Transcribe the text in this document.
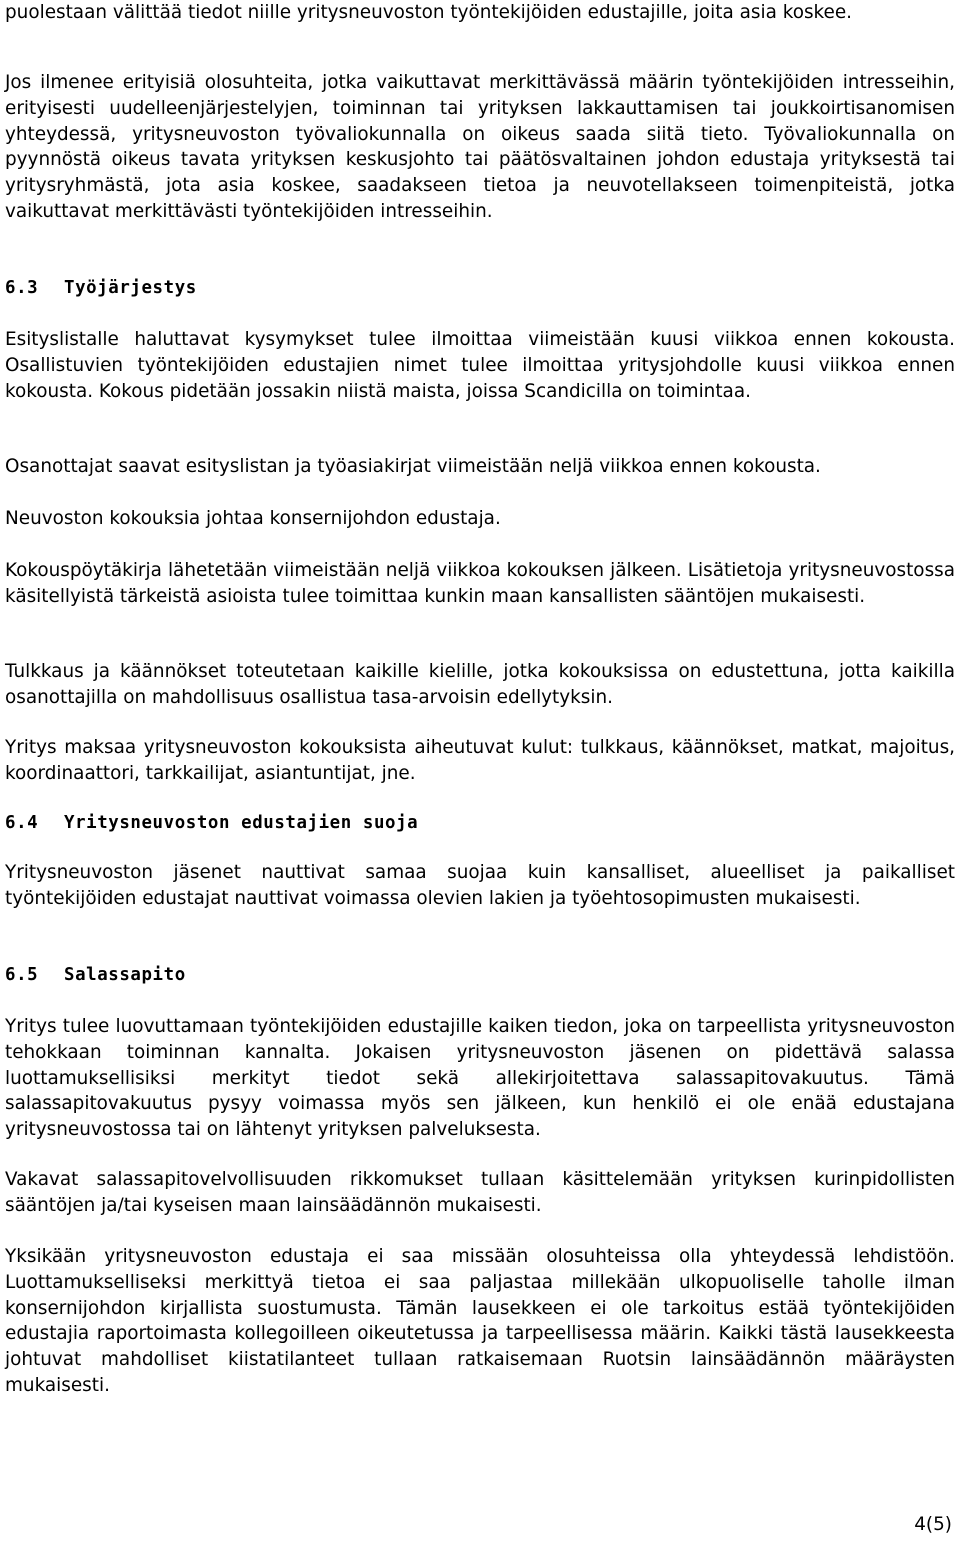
puolestaan välittää tiedot niille yritysneuvoston työntekijöiden edustajille, joita asia koskee.

Jos ilmenee erityisiä olosuhteita, jotka vaikuttavat merkittävässä määrin työntekijöiden intresseihin, erityisesti uudelleenjärjestelyjen, toiminnan tai yrityksen lakkauttamisen tai joukkoirtisanomisen yhteydessä, yritysneuvoston työvaliokunnalla on oikeus saada siitä tieto. Työvaliokunnalla on pyynnöstä oikeus tavata yrityksen keskusjohto tai päätösvaltainen johdon edustaja yrityksestä tai yritysryhmästä, jota asia koskee, saadakseen tietoa ja neuvotellakseen toimenpiteistä, jotka vaikuttavat merkittävästi työntekijöiden intresseihin.

6.3 Työjärjestys

Esityslistalle haluttavat kysymykset tulee ilmoittaa viimeistään kuusi viikkoa ennen kokousta. Osallistuvien työntekijöiden edustajien nimet tulee ilmoittaa yritysjohdolle kuusi viikkoa ennen kokousta. Kokous pidetään jossakin niistä maista, joissa Scandicilla on toimintaa.

Osanottajat saavat esityslistan ja työasiakirjat viimeistään neljä viikkoa ennen kokousta.

Neuvoston kokouksia johtaa konsernijohdon edustaja.

Kokouspöytäkirja lähetetään viimeistään neljä viikkoa kokouksen jälkeen. Lisätietoja yritysneuvostossa käsitellyistä tärkeistä asioista tulee toimittaa kunkin maan kansallisten sääntöjen mukaisesti.

Tulkkaus ja käännökset toteutetaan kaikille kielille, jotka kokouksissa on edustettuna, jotta kaikilla osanottajilla on mahdollisuus osallistua tasa-arvoisin edellytyksin.

Yritys maksaa yritysneuvoston kokouksista aiheutuvat kulut: tulkkaus, käännökset, matkat, majoitus, koordinaattori, tarkkailijat, asiantuntijat, jne.

6.4 Yritysneuvoston edustajien suoja

Yritysneuvoston jäsenet nauttivat samaa suojaa kuin kansalliset, alueelliset ja paikalliset työntekijöiden edustajat nauttivat voimassa olevien lakien ja työehtosopimusten mukaisesti.

6.5 Salassapito

Yritys tulee luovuttamaan työntekijöiden edustajille kaiken tiedon, joka on tarpeellista yritysneuvoston tehokkaan toiminnan kannalta. Jokaisen yritysneuvoston jäsenen on pidettävä salassa luottamuksellisiksi merkityt tiedot sekä allekirjoitettava salassapitovakuutus. Tämä salassapitovakuutus pysyy voimassa myös sen jälkeen, kun henkilö ei ole enää edustajana yritysneuvostossa tai on lähtenyt yrityksen palveluksesta.

Vakavat salassapitovelvollisuuden rikkomukset tullaan käsittelemään yrityksen kurinpidollisten sääntöjen ja/tai kyseisen maan lainsäädännön mukaisesti.

Yksikään yritysneuvoston edustaja ei saa missään olosuhteissa olla yhteydessä lehdistöön. Luottamukselliseksi merkittyä tietoa ei saa paljastaa millekään ulkopuoliselle taholle ilman konsernijohdon kirjallista suostumusta. Tämän lausekkeen ei ole tarkoitus estää työntekijöiden edustajia raportoimasta kollegoilleen oikeutetussa ja tarpeellisessa määrin. Kaikki tästä lausekkeesta johtuvat mahdolliset kiistatilanteet tullaan ratkaisemaan Ruotsin lainsäädännön määräysten mukaisesti.

4(5)
